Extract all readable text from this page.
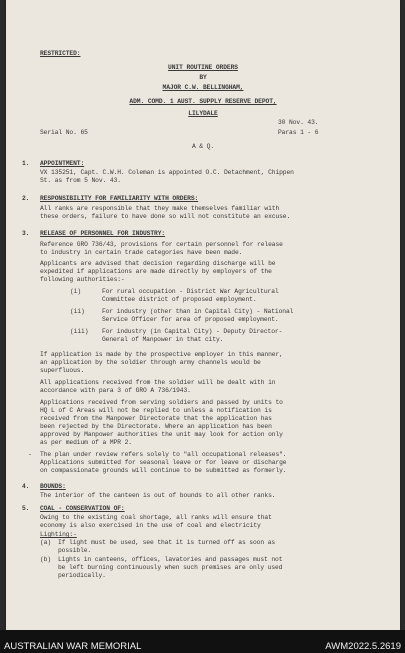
RESTRICTED:
UNIT ROUTINE ORDERS
BY
MAJOR C.W. BELLINGHAM,
ADM. COMD. 1 AUST. SUPPLY RESERVE DEPOT,
LILYDALE
30 Nov. 43.
Serial No. 65	Paras 1 - 6
A & Q.
1. APPOINTMENT:
VX 135251, Capt. C.W.H. Coleman is appointed O.C. Detachment, Chippen
St. as from 5 Nov. 43.
2. RESPONSIBILITY FOR FAMILIARITY WITH ORDERS:
All ranks are responsible that they make themselves familiar with
these orders, failure to have done so will not constitute an excuse.
3. RELEASE OF PERSONNEL FOR INDUSTRY:
Reference GRO 736/43, provisions for certain personnel for release
to industry in certain trade categories have been made.
Applicants are advised that decision regarding discharge will be
expedited if applications are made directly by employers of the
following authorities:-
(i)	For rural occupation - District War Agricultural
Committee district of proposed employment.
(ii)	For industry (other than in Capital City) - National
Service Officer for area of proposed employment.
(iii) For industry (in Capital City) - Deputy Director-
General of Manpower in that city.
If application is made by the prospective employer in this manner,
an application by the soldier through army channels would be
superfluous.
All applications received from the soldier will be dealt with in
accordance with para 3 of GRO A 736/1943.
Applications received from serving soldiers and passed by units to
HQ L of C Areas will not be replied to unless a notification is
received from the Manpower Directorate that the application has
been rejected by the Directorate. Where an application has been
approved by Manpower authorities the unit may look for action only
as per medium of a MPR 2.
- The plan under review refers solely to "all occupational releases".
Applications submitted for seasonal leave or for leave or discharge
on compassionate grounds will continue to be submitted as formerly.
4. BOUNDS:
The interior of the canteen is out of bounds to all other ranks.
5. COAL - CONSERVATION OF:
Owing to the existing coal shortage, all ranks will ensure that
economy is also exercised in the use of coal and electricity
Lighting:-
(a) If light must be used, see that it is turned off as soon as
possible.
(b) Lights in canteens, offices, lavatories and passages must not
be left burning continuously when such premises are only used
periodically.
AUSTRALIAN WAR MEMORIAL	AWM2022.5.2619
